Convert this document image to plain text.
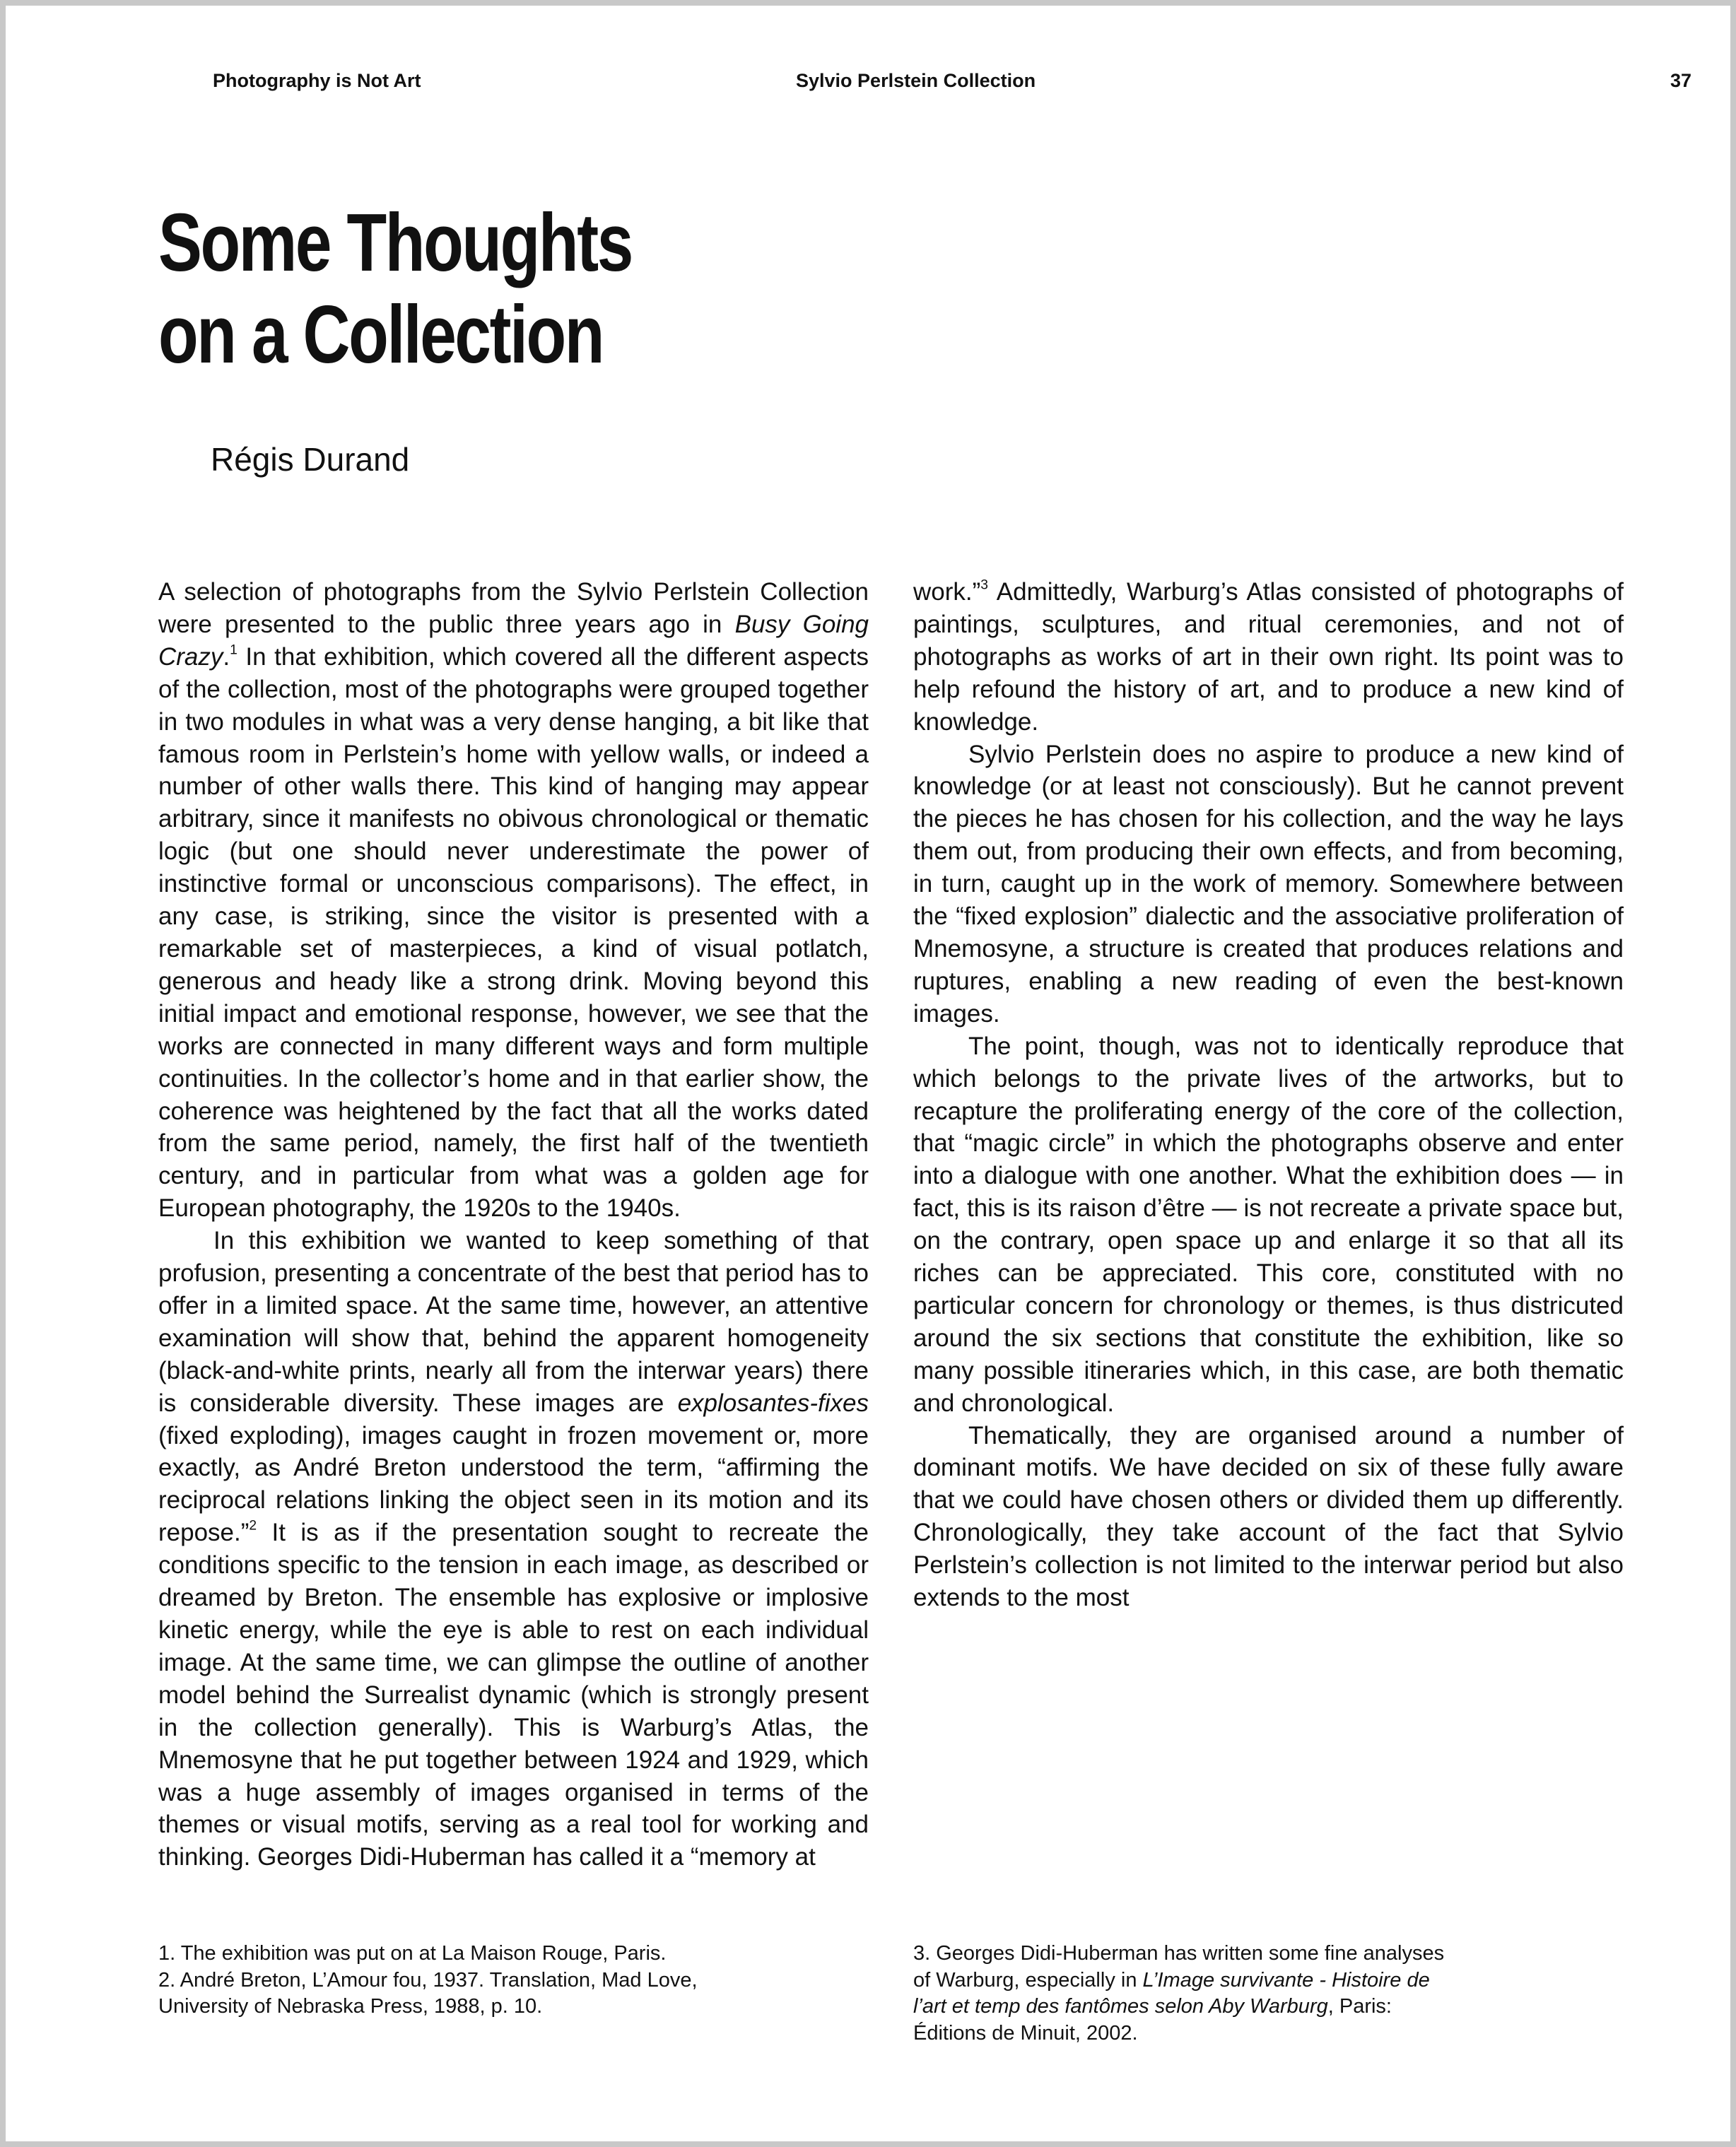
Photography is Not Art	Sylvio Perlstein Collection	37
Some Thoughts
on a Collection
Régis Durand

A selection of photographs from the Sylvio Perlstein Collection were presented to the public three years ago in Busy Going Crazy.$^1$ In that exhibition, which covered all the different aspects of the collection, most of the photographs were grouped together in two modules in what was a very dense hanging, a bit like that famous room in Perlstein’s home with yellow walls, or indeed a number of other walls there. This kind of hanging may appear arbitrary, since it manifests no obivous chronological or thematic logic (but one should never underestimate the power of instinctive formal or unconscious comparisons). The effect, in any case, is striking, since the visitor is presented with a remarkable set of masterpieces, a kind of visual potlatch, generous and heady like a strong drink. Moving beyond this initial impact and emotional response, however, we see that the works are connected in many different ways and form multiple continuities. In the collector’s home and in that earlier show, the coherence was heightened by the fact that all the works dated from the same period, namely, the first half of the twentieth century, and in particular from what was a golden age for European photography, the 1920s to the 1940s.

In this exhibition we wanted to keep something of that profusion, presenting a concentrate of the best that period has to offer in a limited space. At the same time, however, an attentive examination will show that, behind the apparent homogeneity (black-and-white prints, nearly all from the interwar years) there is considerable diversity. These images are explosantes-fixes (fixed exploding), images caught in frozen movement or, more exactly, as André Breton understood the term, “affirming the reciprocal relations linking the object seen in its motion and its repose.”$^2$ It is as if the presentation sought to recreate the conditions specific to the tension in each image, as described or dreamed by Breton. The ensemble has explosive or implosive kinetic energy, while the eye is able to rest on each individual image. At the same time, we can glimpse the outline of another model behind the Surrealist dynamic (which is strongly present in the collection generally). This is Warburg’s Atlas, the Mnemosyne that he put together between 1924 and 1929, which was a huge assembly of images organised in terms of the themes or visual motifs, serving as a real tool for working and thinking. Georges Didi-Huberman has called it a “memory at

work.”$^3$ Admittedly, Warburg’s Atlas consisted of photographs of paintings, sculptures, and ritual ceremonies, and not of photographs as works of art in their own right. Its point was to help refound the history of art, and to produce a new kind of knowledge.

Sylvio Perlstein does no aspire to produce a new kind of knowledge (or at least not consciously). But he cannot prevent the pieces he has chosen for his collection, and the way he lays them out, from producing their own effects, and from becoming, in turn, caught up in the work of memory. Somewhere between the “fixed explosion” dialectic and the associative proliferation of Mnemosyne, a structure is created that produces relations and ruptures, enabling a new reading of even the best-known images.

The point, though, was not to identically reproduce that which belongs to the private lives of the artworks, but to recapture the proliferating energy of the core of the collection, that “magic circle” in which the photographs observe and enter into a dialogue with one another. What the exhibition does — in fact, this is its raison d’être — is not recreate a private space but, on the contrary, open space up and enlarge it so that all its riches can be appreciated. This core, constituted with no particular concern for chronology or themes, is thus districuted around the six sections that constitute the exhibition, like so many possible itineraries which, in this case, are both thematic and chronological.

Thematically, they are organised around a number of dominant motifs. We have decided on six of these fully aware that we could have chosen others or divided them up differently. Chronologically, they take account of the fact that Sylvio Perlstein’s collection is not limited to the interwar period but also extends to the most

1. The exhibition was put on at La Maison Rouge, Paris.

2. André Breton, L’Amour fou, 1937. Translation, Mad Love,

University of Nebraska Press, 1988, p. 10.

3. Georges Didi-Huberman has written some fine analyses

of Warburg, especially in L’Image survivante - Histoire de

l’art et temp des fantômes selon Aby Warburg, Paris:

Éditions de Minuit, 2002.
